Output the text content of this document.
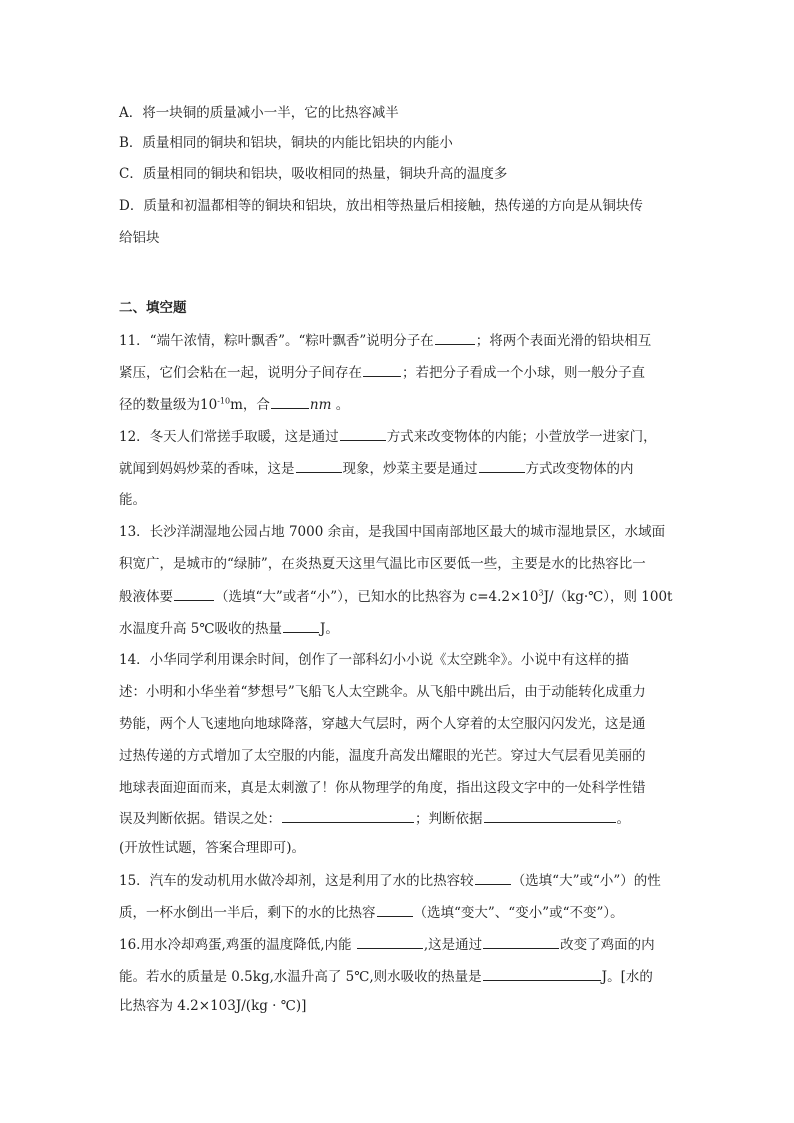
A．将一块铜的质量减小一半，它的比热容减半
B．质量相同的铜块和铝块，铜块的内能比铝块的内能小
C．质量相同的铜块和铝块，吸收相同的热量，铜块升高的温度多
D．质量和初温都相等的铜块和铝块，放出相等热量后相接触，热传递的方向是从铜块传
给铝块
二、填空题
11．“端午浓情，粽叶飘香”。“粽叶飘香”说明分子在	；将两个表面光滑的铅块相互
紧压，它们会粘在一起，说明分子间存在	；若把分子看成一个小球，则一般分子直
径的数量级为$10^{-10}m$，合	nm 。
12．冬天人们常搓手取暖，这是通过	方式来改变物体的内能；小萱放学一进家门，
就闻到妈妈炒菜的香味，这是	现象，炒菜主要是通过	方式改变物体的内
能。
13．长沙洋湖湿地公园占地 7000 余亩，是我国中国南部地区最大的城市湿地景区，水域面
积宽广，是城市的“绿肺”，在炎热夏天这里气温比市区要低一些，主要是水的比热容比一
般液体要	（选填“大”或者“小”），已知水的比热容为 $c=4.2\times 10^3J/(kg\cdot℃)$，则 100t
水温度升高 5℃吸收的热量	J。
14．小华同学利用课余时间，创作了一部科幻小小说《太空跳伞》。小说中有这样的描
述：小明和小华坐着“梦想号”飞船飞人太空跳伞。从飞船中跳出后，由于动能转化成重力
势能，两个人飞速地向地球降落，穿越大气层时，两个人穿着的太空服闪闪发光，这是通
过热传递的方式增加了太空服的内能，温度升高发出耀眼的光芒。穿过大气层看见美丽的
地球表面迎面而来，真是太刺激了！你从物理学的角度，指出这段文字中的一处科学性错
误及判断依据。错误之处：	；判断依据	。
(开放性试题，答案合理即可)。
15．汽车的发动机用水做冷却剂，这是利用了水的比热容较	（选填“大”或“小”）的性
质，一杯水倒出一半后，剩下的水的比热容	（选填“变大”、“变小”或“不变”）。
16.用水冷却鸡蛋,鸡蛋的温度降低,内能	,这是通过	改变了鸡面的内
能。若水的质量是 0.5kg,水温升高了 5℃,则水吸收的热量是	J。[水的
比热容为 4.2×103J/(kg · ℃)]
